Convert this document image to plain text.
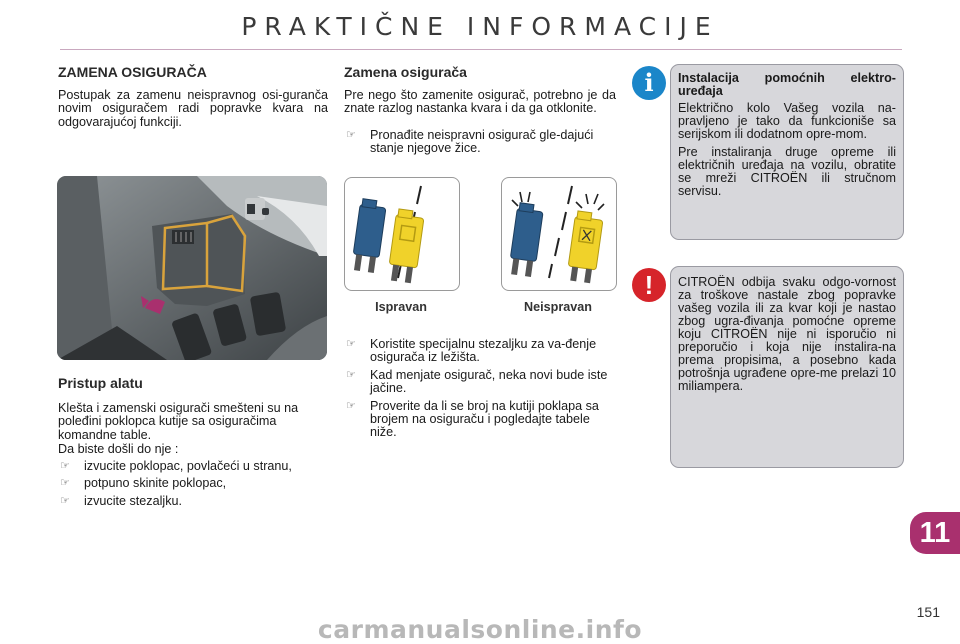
PRAKTIČNE INFORMACIJE
ZAMENA OSIGURAČA

Postupak za zamenu neispravnog osi-guranča novim osiguračem radi popravke kvara na odgovarajućoj funkciji.

Pristup alatu

Klešta i zamenski osigurači smešteni su na poleđini poklopca kutije sa osiguračima komandne table.

Da biste došli do nje :

☞ izvucite poklopac, povlačeći u stranu,
☞ potpuno skinite poklopac,
☞ izvucite stezaljku.
Zamena osigurača

Pre nego što zamenite osigurač, potrebno je da znate razlog nastanka kvara i da ga otklonite.

☞ Pronađite neispravni osigurač gle-dajući stanje njegove žice.
Ispravan	Neispravan
☞ Koristite specijalnu stezaljku za va-đenje osigurača iz ležišta.
☞ Kad menjate osigurač, neka novi bude iste jačine.
☞ Proverite da li se broj na kutiji poklapa sa brojem na osiguraču i pogledajte tabele niže.
i	Instalacija pomoćnih elektro-uređaja

Električno kolo Vašeg vozila na-pravljeno je tako da funkcioniše sa serijskom ili dodatnom opre-mom.

Pre instaliranja druge opreme ili električnih uređaja na vozilu, obratite se mreži CITROËN ili stručnom servisu.

!	CITROËN odbija svaku odgo-vornost za troškove nastale zbog popravke vašeg vozila ili za kvar koji je nastao zbog ugra-đivanja pomoćne opreme koju CITROËN nije ni isporučio ni preporučio i koja nije instalira-na prema propisima, a posebno kada potrošnja ugrađene opre-me prelazi 10 miliampera.

11
151
carmanualsonline.info
